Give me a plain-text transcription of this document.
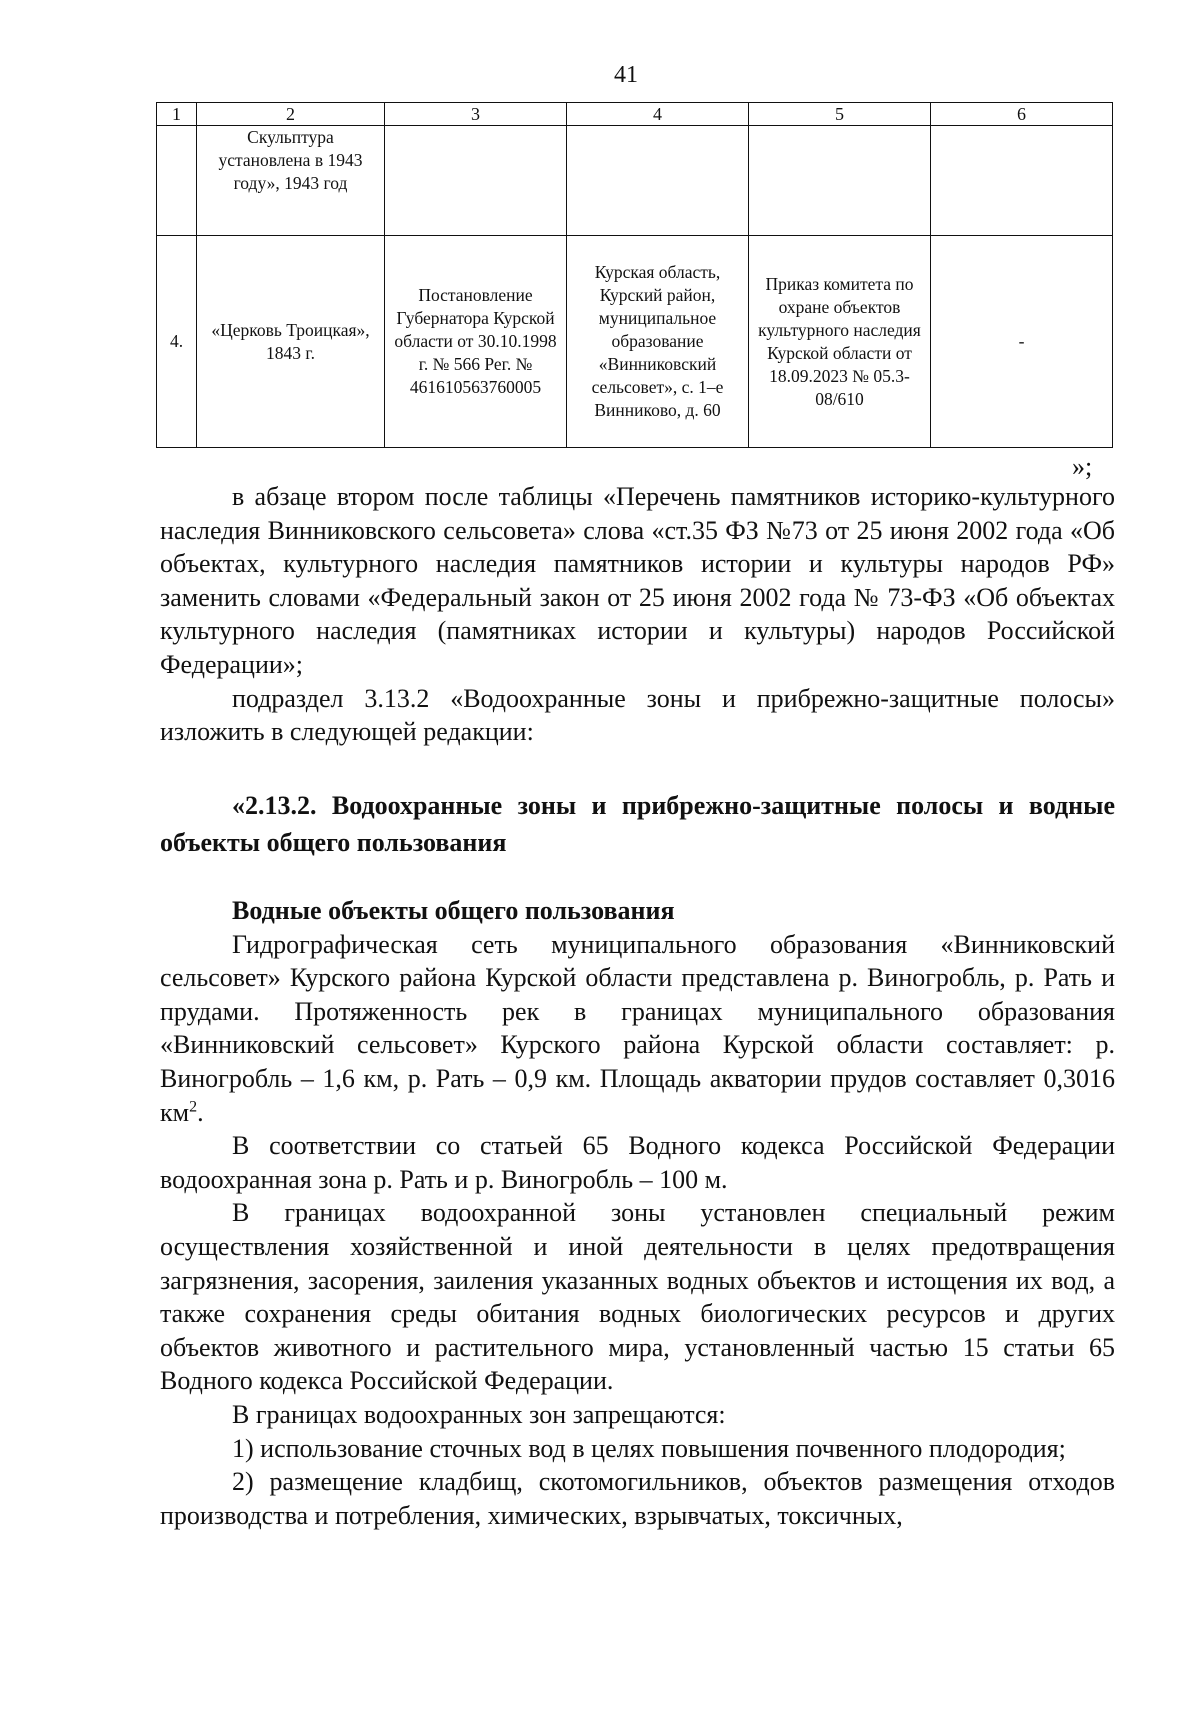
41
1	2	3	4	5	6
	Скульптура установлена в 1943 году», 1943 год				
4.	«Церковь Троицкая», 1843 г.	Постановление Губернатора Курской области от 30.10.1998 г. № 566 Рег. № 461610563760005	Курская область, Курский район, муниципальное образование «Винниковский сельсовет», с. 1–е Винниково, д. 60	Приказ комитета по охране объектов культурного наследия Курской области от 18.09.2023 № 05.3-08/610	-
»;

в абзаце втором после таблицы «Перечень памятников историко-культурного наследия Винниковского сельсовета» слова «ст.35 ФЗ №73 от 25 июня 2002 года «Об объектах, культурного наследия памятников истории и культуры народов РФ» заменить словами «Федеральный закон от 25 июня 2002 года № 73-ФЗ «Об объектах культурного наследия (памятниках истории и культуры) народов Российской Федерации»;

подраздел 3.13.2 «Водоохранные зоны и прибрежно-защитные полосы» изложить в следующей редакции:

«2.13.2. Водоохранные зоны и прибрежно-защитные полосы и водные объекты общего пользования

Водные объекты общего пользования

Гидрографическая сеть муниципального образования «Винниковский сельсовет» Курского района Курской области представлена р. Виногробль, р. Рать и прудами. Протяженность рек в границах муниципального образования «Винниковский сельсовет» Курского района Курской области составляет: р. Виногробль – 1,6 км, р. Рать – 0,9 км. Площадь акватории прудов составляет 0,3016 $км^2$.

В соответствии со статьей 65 Водного кодекса Российской Федерации водоохранная зона р. Рать и р. Виногробль – 100 м.

В границах водоохранной зоны установлен специальный режим осуществления хозяйственной и иной деятельности в целях предотвращения загрязнения, засорения, заиления указанных водных объектов и истощения их вод, а также сохранения среды обитания водных биологических ресурсов и других объектов животного и растительного мира, установленный частью 15 статьи 65 Водного кодекса Российской Федерации.

В границах водоохранных зон запрещаются:

1) использование сточных вод в целях повышения почвенного плодородия;

2) размещение кладбищ, скотомогильников, объектов размещения отходов производства и потребления, химических, взрывчатых, токсичных,
